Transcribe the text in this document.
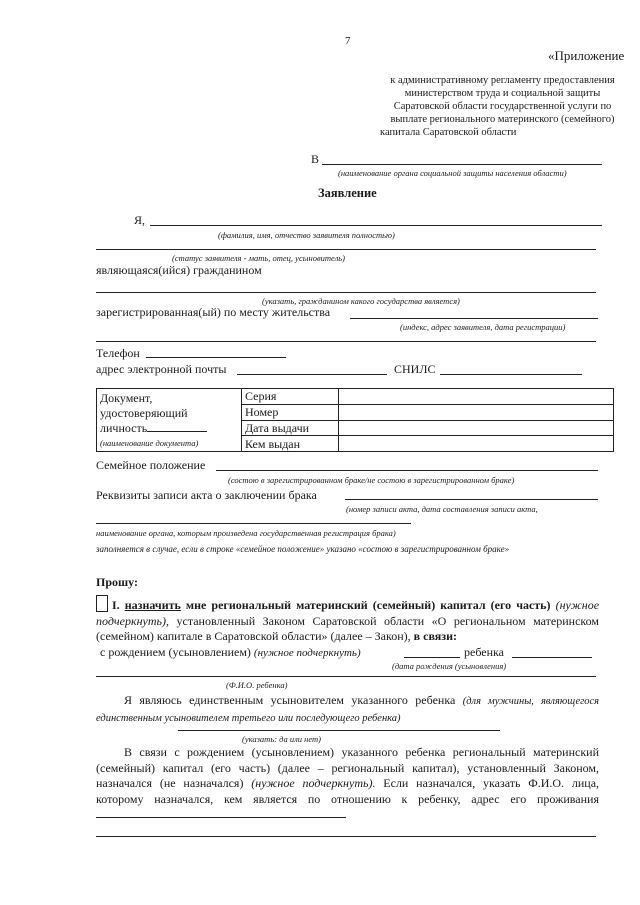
7
«Приложение
к административному регламенту предоставления
министерством труда и социальной защиты
Саратовской области государственной услуги по
выплате регионального материнского (семейного)
капитала Саратовской области
В
(наименование органа социальной защиты населения области)
Заявление
Я,
(фамилия, имя, отчество заявителя полностью)
(статус заявителя - мать, отец, усыновитель)
являющаяся(ийся) гражданином
(указать, гражданином какого государства является)
зарегистрированная(ый) по месту жительства
(индекс, адрес заявителя, дата регистрации)
Телефон
адрес электронной почты	СНИЛС
Документ,
удостоверяющий
личность
(наименование документа)	Серия	
	Номер	
	Дата выдачи	
	Кем выдан	
Семейное положение
(состою в зарегистрированном браке/не состою в зарегистрированном браке)
Реквизиты записи акта о заключении брака
(номер записи акта, дата составления записи акта,
наименование органа, которым произведена государственная регистрация брака)
заполняется в случае, если в строке «семейное положение» указано «состою в зарегистрированном браке»
Прошу:
I. назначить мне региональный материнский (семейный) капитал (его часть) (нужное подчеркнуть), установленный Законом Саратовской области «О региональном материнском (семейном) капитале в Саратовской области» (далее – Закон), в связи:
с рождением (усыновлением) (нужное подчеркнуть)	ребенка
(дата рождения (усыновления)
(Ф.И.О. ребенка)
Я являюсь единственным усыновителем указанного ребенка (для мужчины, являющегося единственным усыновителем третьего или последующего ребенка)
(указать: да или нет)
В связи с рождением (усыновлением) указанного ребенка региональный материнский (семейный) капитал (его часть) (далее – региональный капитал), установленный Законом, назначался (не назначался) (нужное подчеркнуть). Если назначался, указать Ф.И.О. лица, которому назначался, кем является по отношению к ребенку, адрес его проживания
